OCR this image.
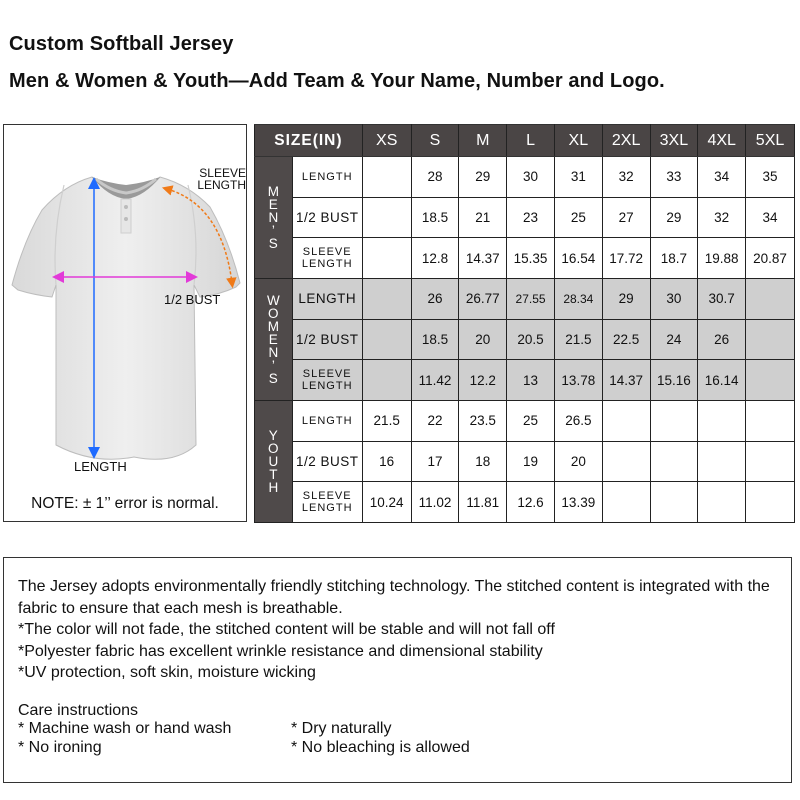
Custom Softball Jersey
Men & Women & Youth—Add Team & Your Name, Number and Logo.
SLEEVE
LENGTH
1/2 BUST
LENGTH
NOTE: ± 1’’ error is normal.
SIZE(IN)		XS	S	M	L	XL	2XL	3XL	4XL	5XL

M
E
N
’
S	LENGTH		28	29	30	31	32	33	34	35
	1/2 BUST		18.5	21	23	25	27	29	32	34

	SLEEVE
LENGTH		12.8	14.37	15.35	16.54	17.72	18.7	19.88	20.87

W
O
M
E
N
’
S
	LENGTH		26	26.77	27.55	28.34	29	30	30.7	
	1/2 BUST		18.5	20	20.5	21.5	22.5	24	26	

	SLEEVE
LENGTH		11.42	12.2	13	13.78	14.37	15.16	16.14	

Y
O
U
T
H	LENGTH	21.5	22	23.5	25	26.5				
	1/2 BUST	16	17	18	19	20				

	SLEEVE
LENGTH	10.24	11.02	11.81	12.6	13.39				

The Jersey adopts environmentally friendly stitching technology. The stitched content is integrated with the fabric to ensure that each mesh is breathable.

*The color will not fade, the stitched content will be stable and will not fall off

*Polyester fabric has excellent wrinkle resistance and dimensional stability

*UV protection, soft skin, moisture wicking

Care instructions
* Machine wash or hand wash	* Dry naturally
* No ironing	* No bleaching is allowed
